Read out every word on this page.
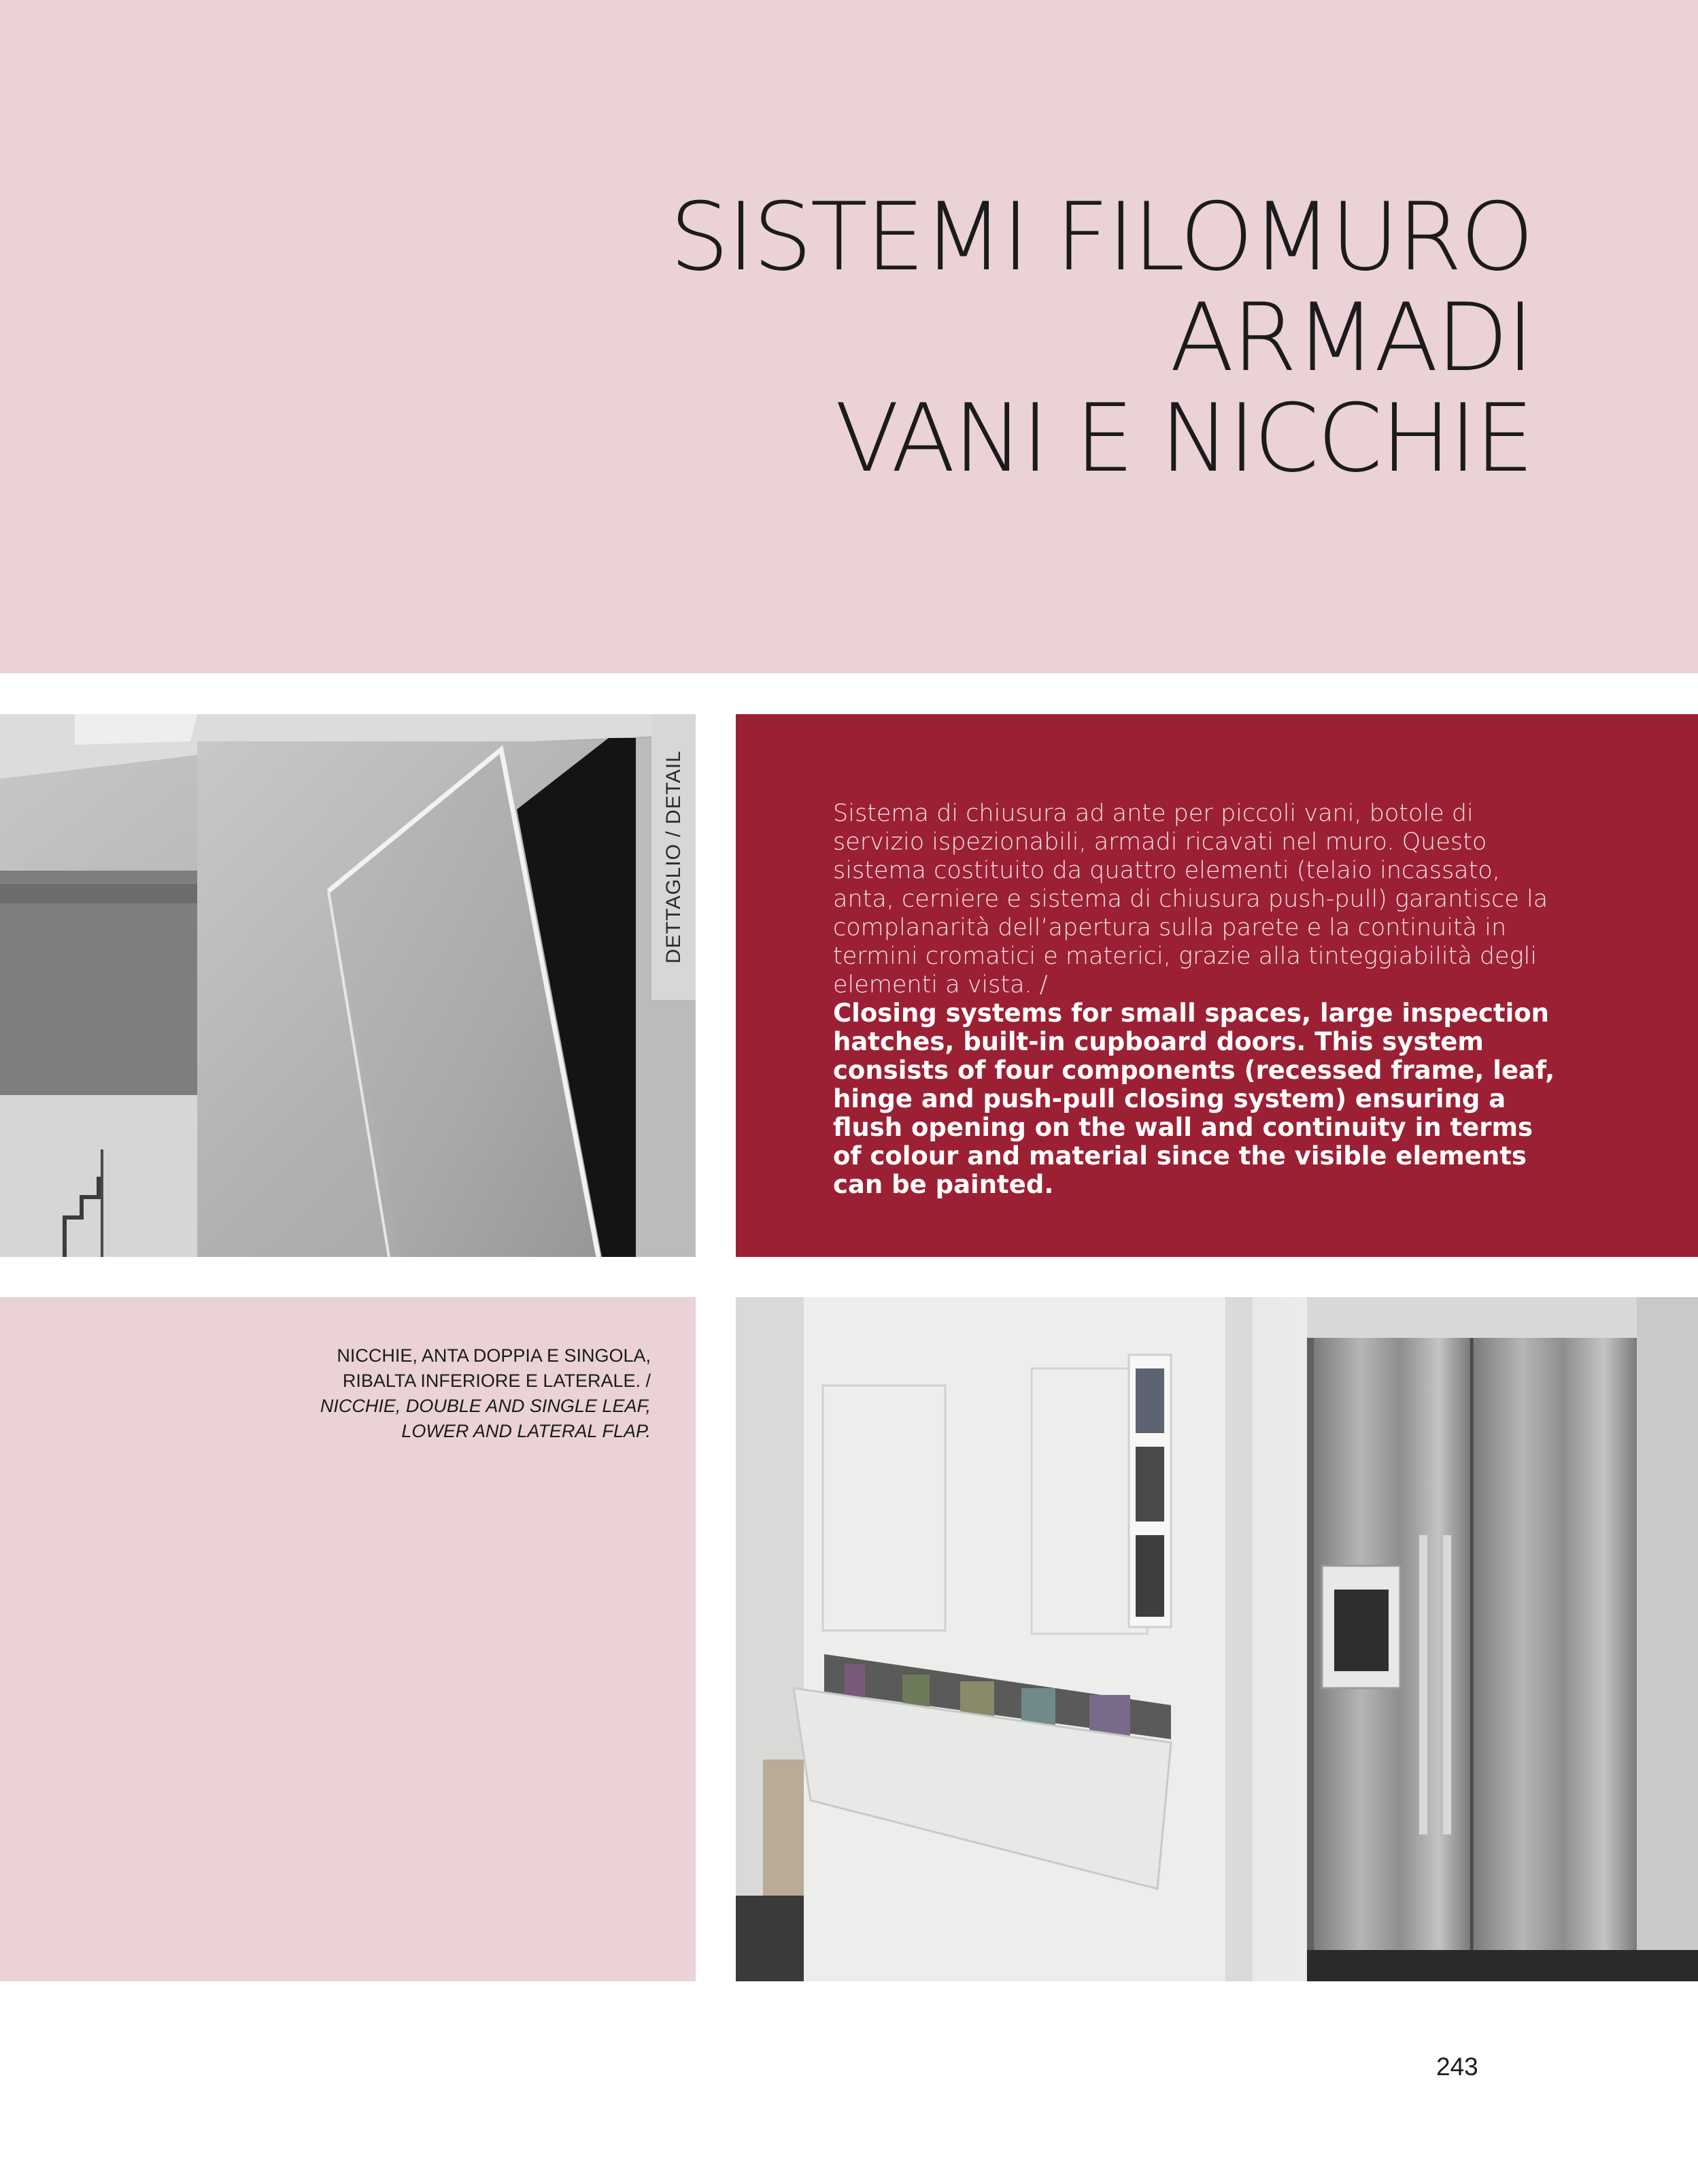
SISTEMI FILOMURO
ARMADI
VANI E NICCHIE
DETTAGLIO / DETAIL	Sistema di chiusura ad ante per piccoli vani, botole di servizio ispezionabili, armadi ricavati nel muro. Questo sistema costituito da quattro elementi (telaio incassato, anta, cerniere e sistema di chiusura push-pull) garantisce la complanarità dell’apertura sulla parete e la continuità in termini cromatici e materici, grazie alla tinteggiabilità degli elementi a vista. /
Closing systems for small spaces, large inspection hatches, built-in cupboard doors. This system consists of four components (recessed frame, leaf, hinge and push-pull closing system) ensuring a flush opening on the wall and continuity in terms of colour and material since the visible elements can be painted.
NICCHIE, ANTA DOPPIA E SINGOLA,
RIBALTA INFERIORE E LATERALE. /
NICCHIE, DOUBLE AND SINGLE LEAF,
LOWER AND LATERAL FLAP.
243
